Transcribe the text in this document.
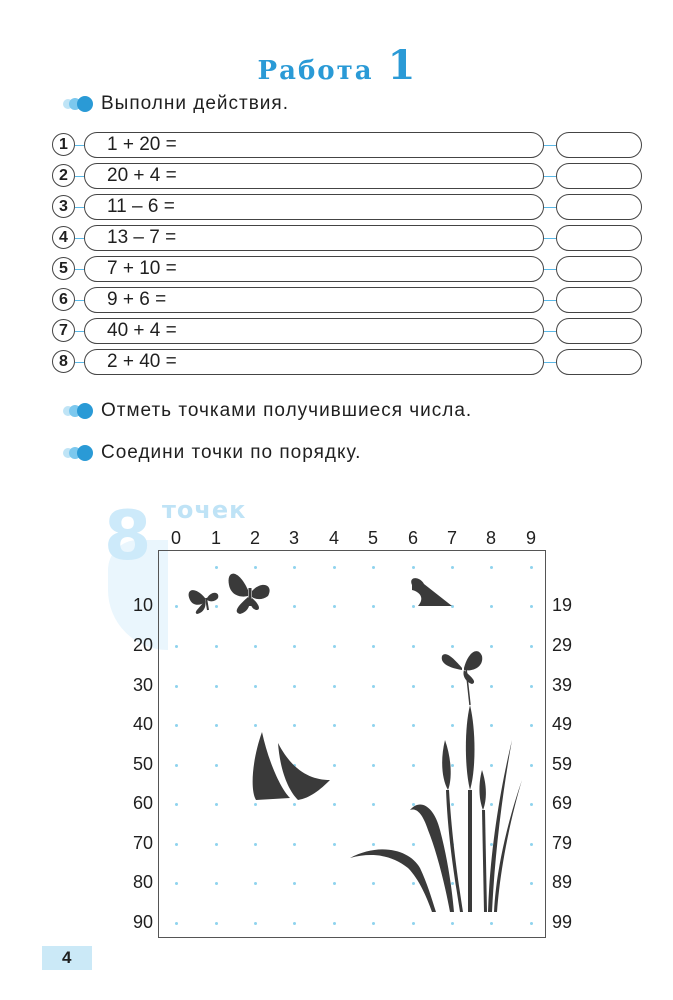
Работа 1
Выполни действия.
1	1 + 20 =
2	20 + 4 =
3	11 – 6 =
4	13 – 7 =
5	7 + 10 =
6	9 + 6 =
7	40 + 4 =
8	2 + 40 =
Отметь точками получившиеся числа.
Соедини точки по порядку.
8 точек
0 1 2 3 4 5 6 7 8 9
10
20
30
40
50
60
70
80
90
19
29
39
49
59
69
79
89
99
4
